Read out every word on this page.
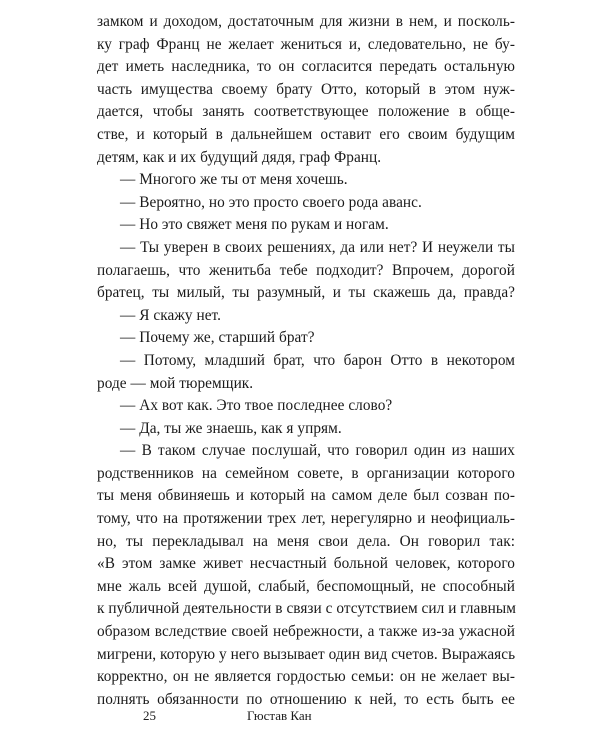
замком и доходом, достаточным для жизни в нем, и посколь-
ку граф Франц не желает жениться и, следовательно, не бу-
дет иметь наследника, то он согласится передать остальную
часть имущества своему брату Отто, который в этом нуж-
дается, чтобы занять соответствующее положение в обще-
стве, и который в дальнейшем оставит его своим будущим
детям, как и их будущий дядя, граф Франц.
— Многого же ты от меня хочешь.
— Вероятно, но это просто своего рода аванс.
— Но это свяжет меня по рукам и ногам.
— Ты уверен в своих решениях, да или нет? И неужели ты
полагаешь, что женитьба тебе подходит? Впрочем, дорогой
братец, ты милый, ты разумный, и ты скажешь да, правда?
— Я скажу нет.
— Почему же, старший брат?
— Потому, младший брат, что барон Отто в некотором
роде — мой тюремщик.
— Ах вот как. Это твое последнее слово?
— Да, ты же знаешь, как я упрям.
— В таком случае послушай, что говорил один из наших
родственников на семейном совете, в организации которого
ты меня обвиняешь и который на самом деле был созван по-
тому, что на протяжении трех лет, нерегулярно и неофициаль-
но, ты перекладывал на меня свои дела. Он говорил так:
«В этом замке живет несчастный больной человек, которого
мне жаль всей душой, слабый, беспомощный, не способный
к публичной деятельности в связи с отсутствием сил и главным
образом вследствие своей небрежности, а также из-за ужасной
мигрени, которую у него вызывает один вид счетов. Выражаясь
корректно, он не является гордостью семьи: он не желает вы-
полнять обязанности по отношению к ней, то есть быть ее
25	Гюстав Кан
